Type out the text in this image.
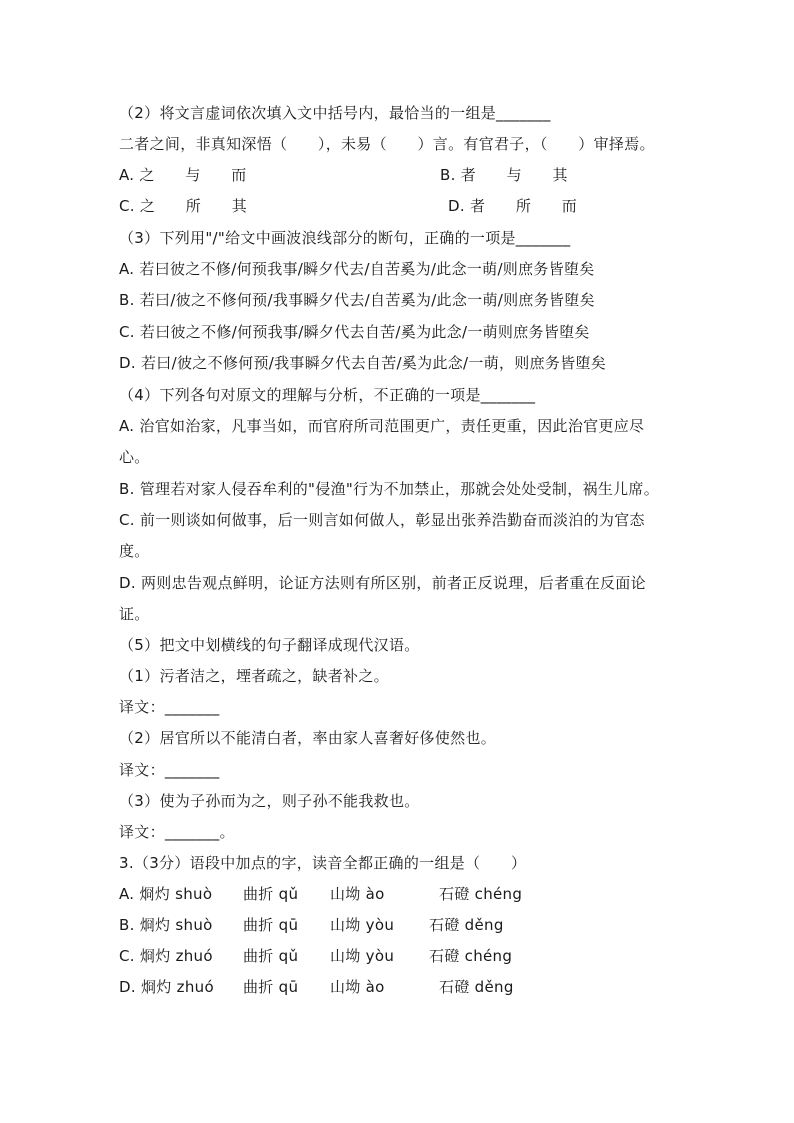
（2）将文言虚词依次填入文中括号内，最恰当的一组是_______
二者之间，非真知深悟（　　），未易（　　）言。有官君子，（　　）审择焉。
A. 之　　与　　而	B. 者　　与　　其
C. 之　　所　　其	D. 者　　所　　而
（3）下列用"/"给文中画波浪线部分的断句，正确的一项是_______
A. 若曰彼之不修/何预我事/瞬夕代去/自苦奚为/此念一萌/则庶务皆堕矣
B. 若曰/彼之不修何预/我事瞬夕代去/自苦奚为/此念一萌/则庶务皆堕矣
C. 若曰彼之不修/何预我事/瞬夕代去自苦/奚为此念/一萌则庶务皆堕矣
D. 若曰/彼之不修何预/我事瞬夕代去自苦/奚为此念/一萌，则庶务皆堕矣
（4）下列各句对原文的理解与分析，不正确的一项是_______
A. 治官如治家，凡事当如，而官府所司范围更广，责任更重，因此治官更应尽
心。
B. 管理若对家人侵吞牟利的"侵渔"行为不加禁止，那就会处处受制，祸生儿席。
C. 前一则谈如何做事，后一则言如何做人，彰显出张养浩勤奋而淡泊的为官态
度。
D. 两则忠告观点鲜明，论证方法则有所区别，前者正反说理，后者重在反面论
证。
（5）把文中划横线的句子翻译成现代汉语。
（1）污者洁之，堙者疏之，缺者补之。
译文：_______
（2）居官所以不能清白者，率由家人喜奢好侈使然也。
译文：_______
（3）使为子孙而为之，则子孙不能我救也。
译文：_______。
3.（3分）语段中加点的字，读音全都正确的一组是（　　）
A. 烱灼 shuò 曲折 qǔ 山坳 ào	石磴 chéng
B. 烱灼 shuò 曲折 qū 山坳 yòu 石磴 děng
C. 烱灼 zhuó 曲折 qǔ 山坳 yòu 石磴 chéng
D. 烱灼 zhuó 曲折 qū 山坳 ào	石磴 děng
